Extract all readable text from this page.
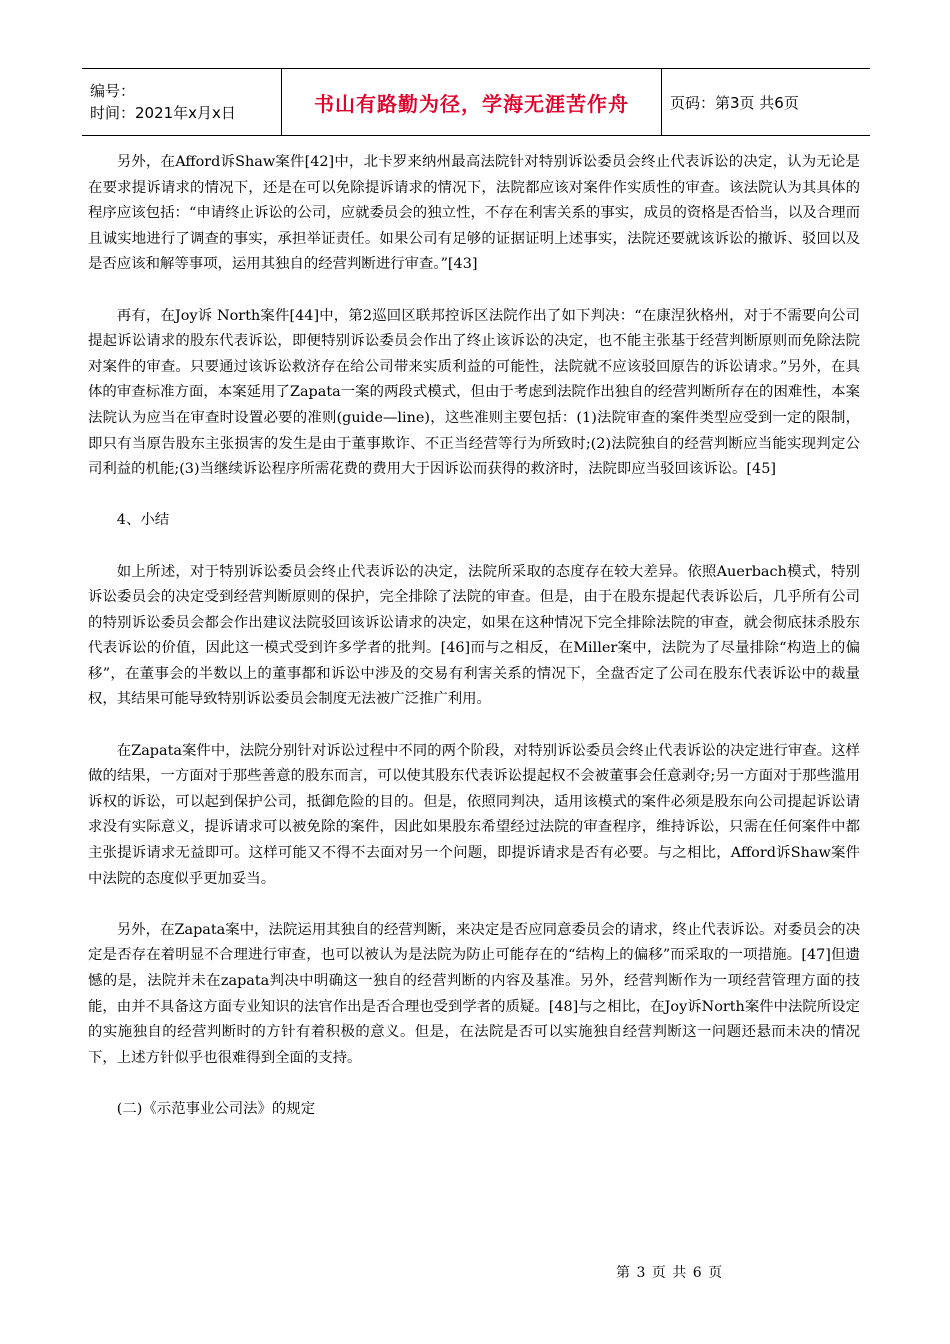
编号：
时间：2021年x月x日	书山有路勤为径，学海无涯苦作舟	页码：第3页 共6页

另外，在Afford诉Shaw案件[42]中，北卡罗来纳州最高法院针对特别诉讼委员会终止代表诉讼的决定，认为无论是在要求提诉请求的情况下，还是在可以免除提诉请求的情况下，法院都应该对案件作实质性的审查。该法院认为其具体的程序应该包括：“申请终止诉讼的公司，应就委员会的独立性，不存在利害关系的事实，成员的资格是否恰当，以及合理而且诚实地进行了调查的事实，承担举证责任。如果公司有足够的证据证明上述事实，法院还要就该诉讼的撤诉、驳回以及是否应该和解等事项，运用其独自的经营判断进行审查。”[43]

再有，在Joy诉 North案件[44]中，第2巡回区联邦控诉区法院作出了如下判决：“在康涅狄格州，对于不需要向公司提起诉讼请求的股东代表诉讼，即便特别诉讼委员会作出了终止该诉讼的决定，也不能主张基于经营判断原则而免除法院对案件的审查。只要通过该诉讼救济存在给公司带来实质利益的可能性，法院就不应该驳回原告的诉讼请求。”另外，在具体的审查标准方面，本案延用了Zapata一案的两段式模式，但由于考虑到法院作出独自的经营判断所存在的困难性，本案法院认为应当在审查时设置必要的准则(guide—line)，这些准则主要包括：(1)法院审查的案件类型应受到一定的限制，即只有当原告股东主张损害的发生是由于董事欺诈、不正当经营等行为所致时;(2)法院独自的经营判断应当能实现判定公司利益的机能;(3)当继续诉讼程序所需花费的费用大于因诉讼而获得的救济时，法院即应当驳回该诉讼。[45]

4、小结

如上所述，对于特别诉讼委员会终止代表诉讼的决定，法院所采取的态度存在较大差异。依照Auerbach模式，特别诉讼委员会的决定受到经营判断原则的保护，完全排除了法院的审查。但是，由于在股东提起代表诉讼后，几乎所有公司的特别诉讼委员会都会作出建议法院驳回该诉讼请求的决定，如果在这种情况下完全排除法院的审查，就会彻底抹杀股东代表诉讼的价值，因此这一模式受到许多学者的批判。[46]而与之相反，在Miller案中，法院为了尽量排除“构造上的偏移”，在董事会的半数以上的董事都和诉讼中涉及的交易有利害关系的情况下，全盘否定了公司在股东代表诉讼中的裁量权，其结果可能导致特别诉讼委员会制度无法被广泛推广利用。

在Zapata案件中，法院分别针对诉讼过程中不同的两个阶段，对特别诉讼委员会终止代表诉讼的决定进行审查。这样做的结果，一方面对于那些善意的股东而言，可以使其股东代表诉讼提起权不会被董事会任意剥夺;另一方面对于那些滥用诉权的诉讼，可以起到保护公司，抵御危险的目的。但是，依照同判决，适用该模式的案件必须是股东向公司提起诉讼请求没有实际意义，提诉请求可以被免除的案件，因此如果股东希望经过法院的审查程序，维持诉讼，只需在任何案件中都主张提诉请求无益即可。这样可能又不得不去面对另一个问题，即提诉请求是否有必要。与之相比，Afford诉Shaw案件中法院的态度似乎更加妥当。

另外，在Zapata案中，法院运用其独自的经营判断，来决定是否应同意委员会的请求，终止代表诉讼。对委员会的决定是否存在着明显不合理进行审查，也可以被认为是法院为防止可能存在的“结构上的偏移”而采取的一项措施。[47]但遗憾的是，法院并未在zapata判决中明确这一独自的经营判断的内容及基准。另外，经营判断作为一项经营管理方面的技能，由并不具备这方面专业知识的法官作出是否合理也受到学者的质疑。[48]与之相比，在Joy诉North案件中法院所设定的实施独自的经营判断时的方针有着积极的意义。但是，在法院是否可以实施独自经营判断这一问题还悬而未决的情况下，上述方针似乎也很难得到全面的支持。

(二)《示范事业公司法》的规定

第 3 页 共 6 页
